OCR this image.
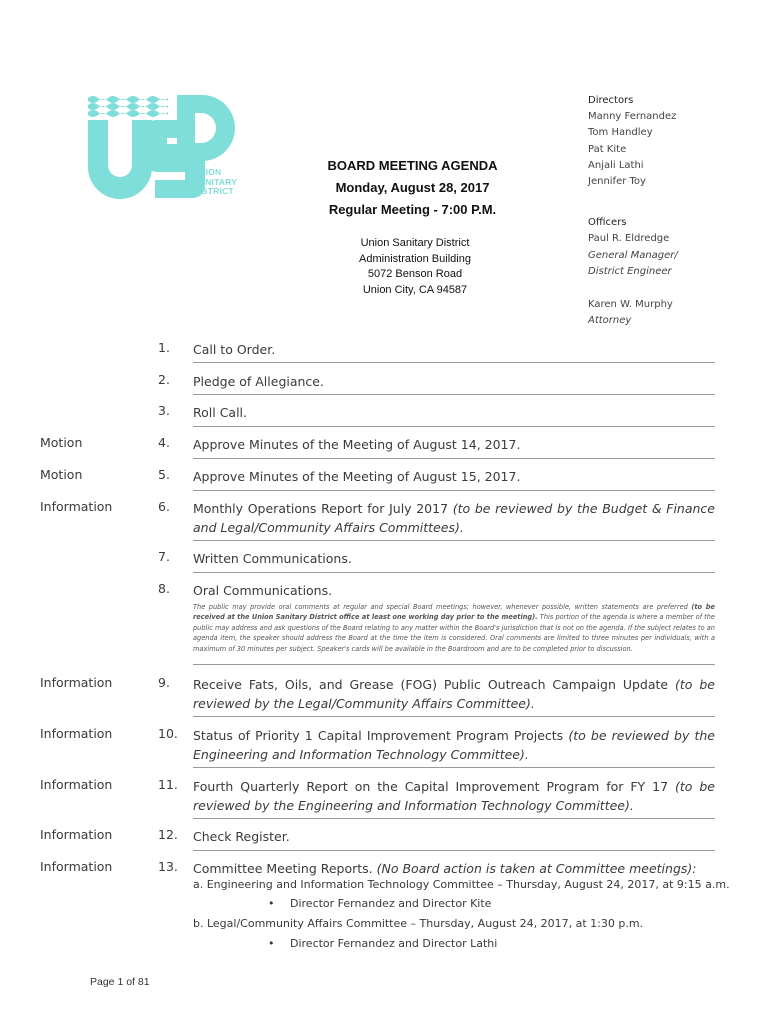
UNION
SANITARY
DISTRICT
BOARD MEETING AGENDA
Monday, August 28, 2017
Regular Meeting - 7:00 P.M.
Union Sanitary District
Administration Building
5072 Benson Road
Union City, CA 94587
Directors
Manny Fernandez
Tom Handley
Pat Kite
Anjali Lathi
Jennifer Toy
Officers
Paul R. Eldredge
General Manager/
District Engineer
Karen W. Murphy
Attorney
1. Call to Order.
2. Pledge of Allegiance.
3. Roll Call.
Motion	4. Approve Minutes of the Meeting of August 14, 2017.
Motion	5. Approve Minutes of the Meeting of August 15, 2017.
Information	6. Monthly Operations Report for July 2017 (to be reviewed by the Budget & Finance and Legal/Community Affairs Committees).
7. Written Communications.
8. Oral Communications.
Information	9. Receive Fats, Oils, and Grease (FOG) Public Outreach Campaign Update (to be reviewed by the Legal/Community Affairs Committee).
Information	10. Status of Priority 1 Capital Improvement Program Projects (to be reviewed by the Engineering and Information Technology Committee).
Information	11. Fourth Quarterly Report on the Capital Improvement Program for FY 17 (to be reviewed by the Engineering and Information Technology Committee).
Information	12. Check Register.
Information	13. Committee Meeting Reports. (No Board action is taken at Committee meetings):
The public may provide oral comments at regular and special Board meetings; however, whenever possible, written statements are preferred (to be received at the Union Sanitary District office at least one working day prior to the meeting). This portion of the agenda is where a member of the public may address and ask questions of the Board relating to any matter within the Board's jurisdiction that is not on the agenda. If the subject relates to an agenda item, the speaker should address the Board at the time the item is considered. Oral comments are limited to three minutes per individuals, with a maximum of 30 minutes per subject. Speaker's cards will be available in the Boardroom and are to be completed prior to discussion.
a. Engineering and Information Technology Committee – Thursday, August 24, 2017, at 9:15 a.m.
• Director Fernandez and Director Kite
b. Legal/Community Affairs Committee – Thursday, August 24, 2017, at 1:30 p.m.
• Director Fernandez and Director Lathi
Page 1 of 81
